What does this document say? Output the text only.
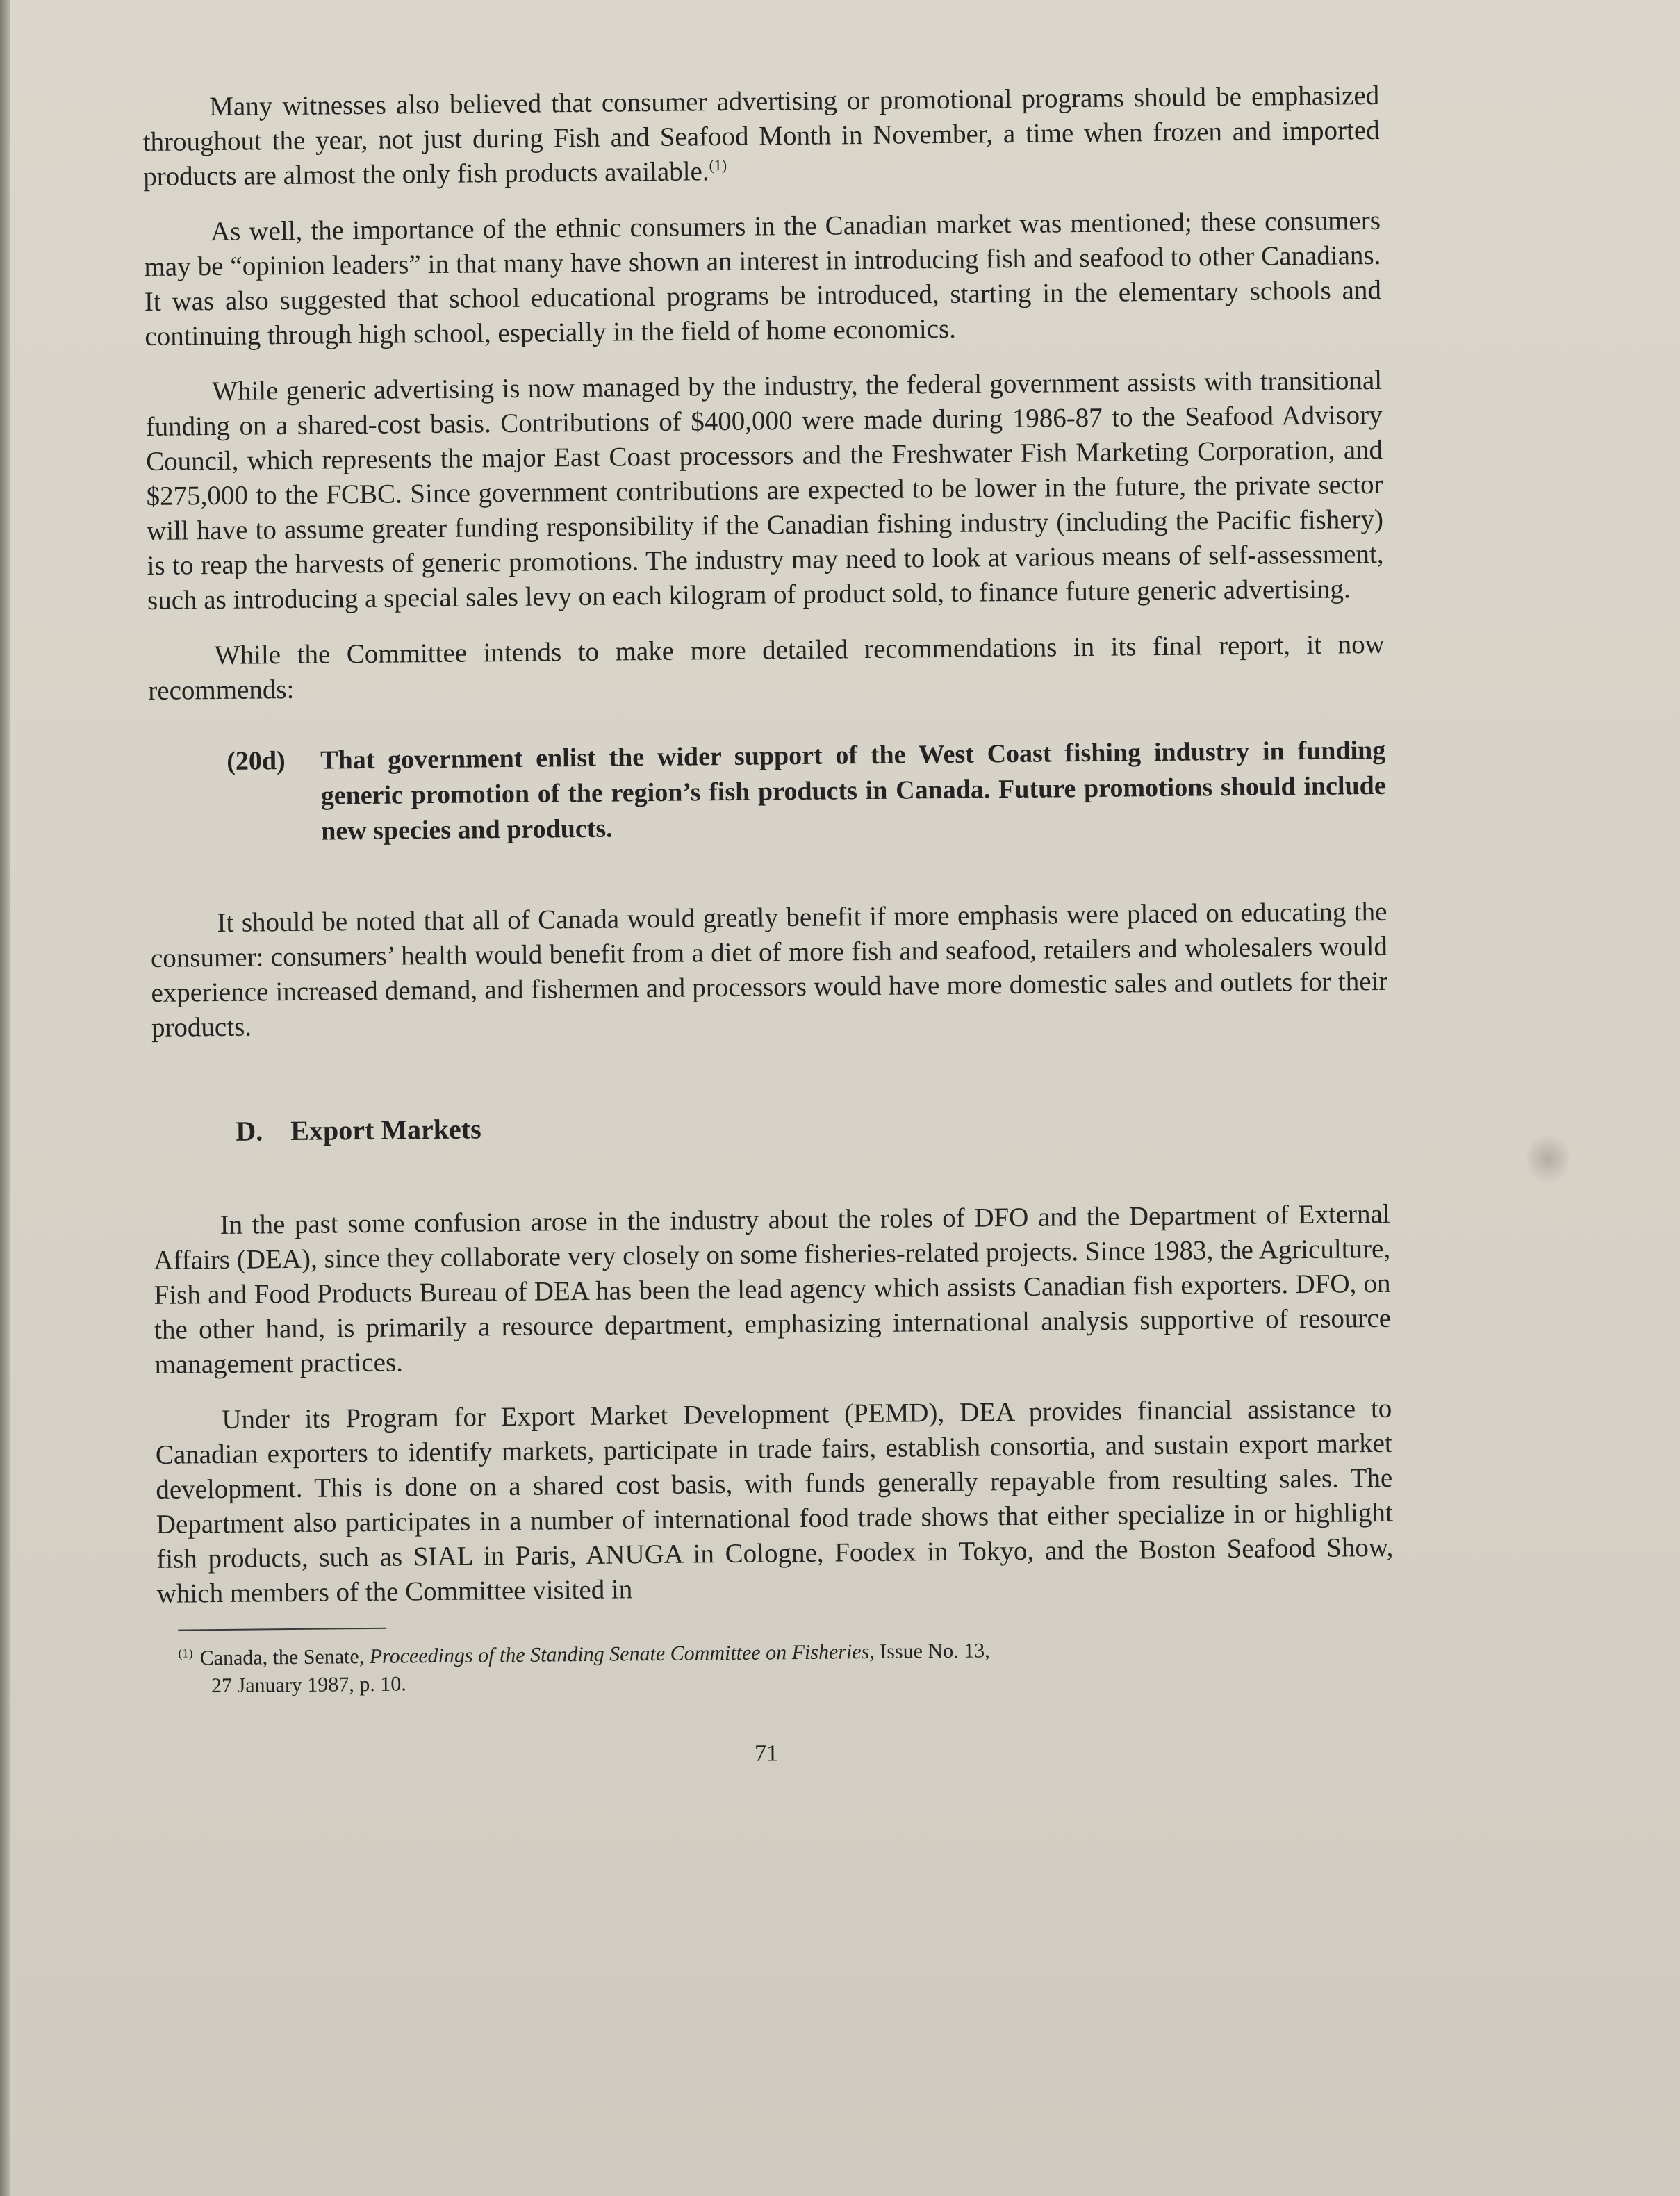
Many witnesses also believed that consumer advertising or promotional programs should be emphasized throughout the year, not just during Fish and Seafood Month in November, a time when frozen and imported products are almost the only fish products available.$^{(1)}$

As well, the importance of the ethnic consumers in the Canadian market was mentioned; these consumers may be “opinion leaders” in that many have shown an interest in introducing fish and seafood to other Canadians. It was also suggested that school educational programs be introduced, starting in the elementary schools and continuing through high school, especially in the field of home economics.

While generic advertising is now managed by the industry, the federal government assists with transitional funding on a shared-cost basis. Contributions of $400,000 were made during 1986-87 to the Seafood Advisory Council, which represents the major East Coast processors and the Freshwater Fish Marketing Corporation, and $275,000 to the FCBC. Since government contributions are expected to be lower in the future, the private sector will have to assume greater funding responsibility if the Canadian fishing industry (including the Pacific fishery) is to reap the harvests of generic promotions. The industry may need to look at various means of self-assessment, such as introducing a special sales levy on each kilogram of product sold, to finance future generic advertising.

While the Committee intends to make more detailed recommendations in its final report, it now recommends:

(20d)	That government enlist the wider support of the West Coast fishing industry in funding generic promotion of the region’s fish products in Canada. Future promotions should include new species and products.

It should be noted that all of Canada would greatly benefit if more emphasis were placed on educating the consumer: consumers’ health would benefit from a diet of more fish and seafood, retailers and wholesalers would experience increased demand, and fishermen and processors would have more domestic sales and outlets for their products.

D. Export Markets

In the past some confusion arose in the industry about the roles of DFO and the Department of External Affairs (DEA), since they collaborate very closely on some fisheries-related projects. Since 1983, the Agriculture, Fish and Food Products Bureau of DEA has been the lead agency which assists Canadian fish exporters. DFO, on the other hand, is primarily a resource department, emphasizing international analysis supportive of resource management practices.

Under its Program for Export Market Development (PEMD), DEA provides financial assistance to Canadian exporters to identify markets, participate in trade fairs, establish consortia, and sustain export market development. This is done on a shared cost basis, with funds generally repayable from resulting sales. The Department also participates in a number of international food trade shows that either specialize in or highlight fish products, such as SIAL in Paris, ANUGA in Cologne, Foodex in Tokyo, and the Boston Seafood Show, which members of the Committee visited in

$^{(1)}$ Canada, the Senate, Proceedings of the Standing Senate Committee on Fisheries, Issue No. 13,
27 January 1987, p. 10.
71
